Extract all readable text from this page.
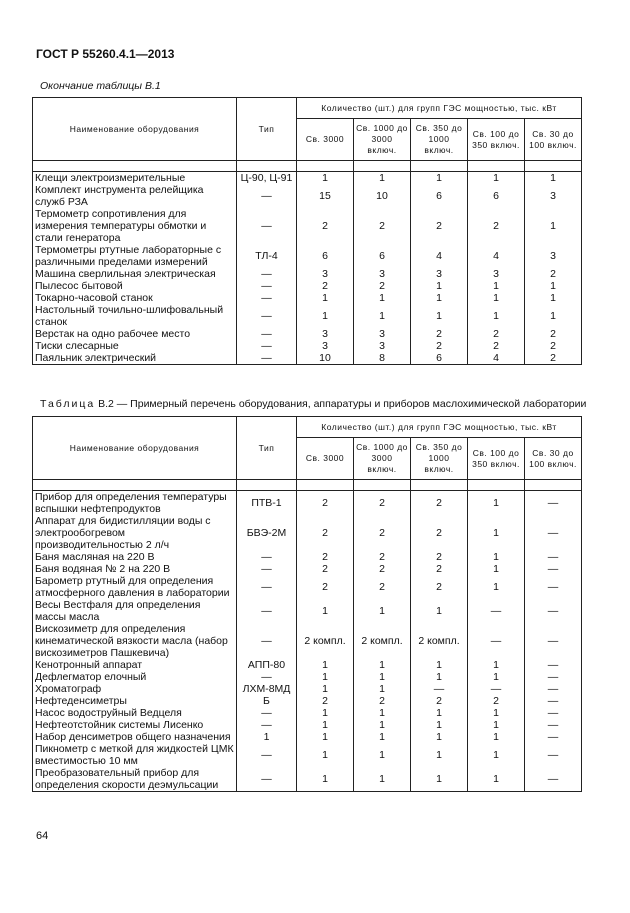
ГОСТ Р 55260.4.1—2013
Окончание таблицы В.1
Наименование оборудования	Тип	Количество (шт.) для групп ГЭС мощностью, тыс. кВт				
		Св. 3000	Св. 1000 до 3000 включ.	Св. 350 до 1000 включ.	Св. 100 до 350 включ.	Св. 30 до 100 включ.

Клещи электроизмерительные	Ц-90, Ц-91	1	1	1	1	1
Комплект инструмента релейщика служб РЗА	—	15	10	6	6	3
Термометр сопротивления для измерения температуры обмотки и стали генератора	—	2	2	2	2	1
Термометры ртутные лабораторные с различными пределами измерений	ТЛ-4	6	6	4	4	3
Машина сверлильная электрическая	—	3	3	3	3	2
Пылесос бытовой	—	2	2	1	1	1
Токарно-часовой станок	—	1	1	1	1	1
Настольный точильно-шлифовальный станок	—	1	1	1	1	1
Верстак на одно рабочее место	—	3	3	2	2	2
Тиски слесарные	—	3	3	2	2	2
Паяльник электрический	—	10	8	6	4	2
Таблица В.2 — Примерный перечень оборудования, аппаратуры и приборов маслохимической лаборатории
Наименование оборудования	Тип	Количество (шт.) для групп ГЭС мощностью, тыс. кВт				
		Св. 3000	Св. 1000 до 3000 включ.	Св. 350 до 1000 включ.	Св. 100 до 350 включ.	Св. 30 до 100 включ.

Прибор для определения температуры вспышки нефтепродуктов	ПТВ-1	2	2	2	1	—
Аппарат для бидистилляции воды с электрообогревом производительностью 2 л/ч	БВЭ-2М	2	2	2	1	—
Баня масляная на 220 В	—	2	2	2	1	—
Баня водяная № 2 на 220 В	—	2	2	2	1	—
Барометр ртутный для определения атмосферного давления в лаборатории	—	2	2	2	1	—
Весы Вестфаля для определения массы масла	—	1	1	1	—	—
Вискозиметр для определения кинематической вязкости масла (набор вискозиметров Пашкевича)	—	2 компл.	2 компл.	2 компл.	—	—
Кенотронный аппарат	АПП-80	1	1	1	1	—
Дефлегматор елочный	—	1	1	1	1	—
Хроматограф	ЛХМ-8МД	1	1	—	—	—
Нефтеденсиметры	Б	2	2	2	2	—
Насос водоструйный Ведцеля	—	1	1	1	1	—
Нефтеотстойник системы Лисенко	—	1	1	1	1	—
Набор денсиметров общего назначения	1	1	1	1	1	—
Пикнометр с меткой для жидкостей ЦМК вместимостью 10 мм	—	1	1	1	1	—
Преобразовательный прибор для определения скорости деэмульсации	—	1	1	1	1	—
64
